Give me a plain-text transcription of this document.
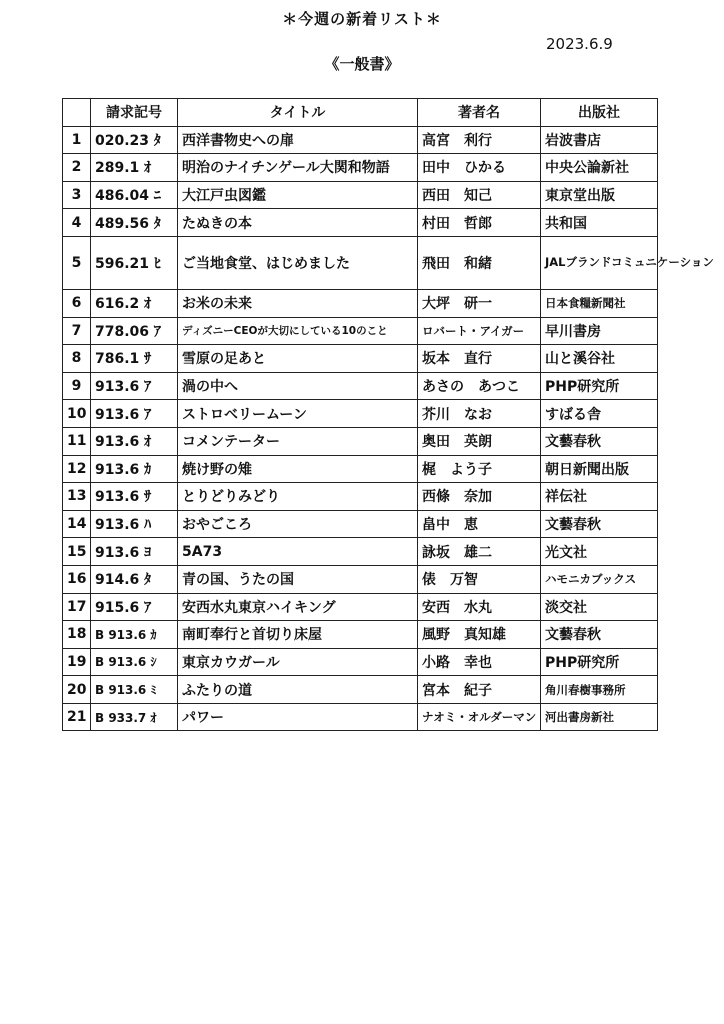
＊今週の新着リスト＊
2023.6.9
《一般書》
	請求記号	タイトル	著者名	出版社
1	020.23 ﾀ	西洋書物史への扉	高宮　利行	岩波書店
2	289.1 ｵ	明治のナイチンゲール大関和物語	田中　ひかる	中央公論新社
3	486.04 ﾆ	大江戸虫図鑑	西田　知己	東京堂出版
4	489.56 ﾀ	たぬきの本	村田　哲郎	共和国
5	596.21 ﾋ	ご当地食堂、はじめました	飛田　和緒	JALブランドコミュニケーション
6	616.2 ｵ	お米の未来	大坪　研一	日本食糧新聞社
7	778.06 ｱ	ディズニーCEOが大切にしている10のこと	ロバート・アイガー	早川書房
8	786.1 ｻ	雪原の足あと	坂本　直行	山と溪谷社
9	913.6 ｱ	渦の中へ	あさの　あつこ	PHP研究所
10	913.6 ｱ	ストロベリームーン	芥川　なお	すばる舎
11	913.6 ｵ	コメンテーター	奥田　英朗	文藝春秋
12	913.6 ｶ	焼け野の雉	梶　よう子	朝日新聞出版
13	913.6 ｻ	とりどりみどり	西條　奈加	祥伝社
14	913.6 ﾊ	おやごころ	畠中　恵	文藝春秋
15	913.6 ﾖ	5A73	詠坂　雄二	光文社
16	914.6 ﾀ	青の国、うたの国	俵　万智	ハモニカブックス
17	915.6 ｱ	安西水丸東京ハイキング	安西　水丸	淡交社
18	B 913.6 ｶ	南町奉行と首切り床屋	風野　真知雄	文藝春秋
19	B 913.6 ｼ	東京カウガール	小路　幸也	PHP研究所
20	B 913.6 ﾐ	ふたりの道	宮本　紀子	角川春樹事務所
21	B 933.7 ｵ	パワー	ナオミ・オルダーマン	河出書房新社
